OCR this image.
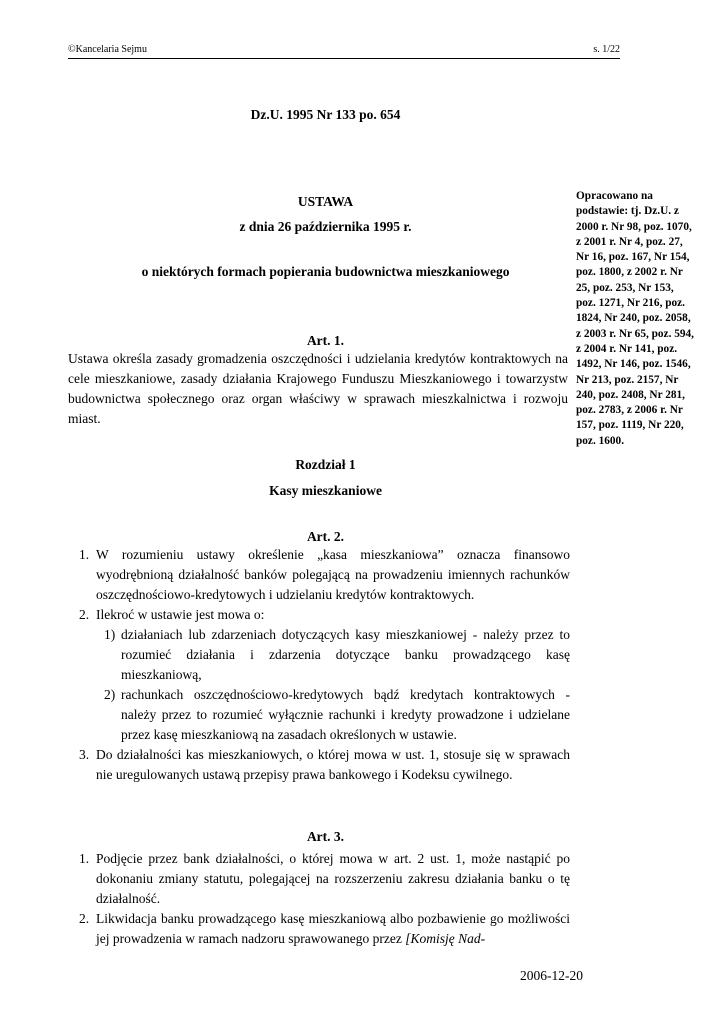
©Kancelaria Sejmu	s. 1/22
Dz.U. 1995 Nr 133 po. 654
USTAWA
z dnia 26 października 1995 r.
o niektórych formach popierania budownictwa mieszkaniowego
Opracowano na podstawie: tj. Dz.U. z 2000 r. Nr 98, poz. 1070, z 2001 r. Nr 4, poz. 27, Nr 16, poz. 167, Nr 154, poz. 1800, z 2002 r. Nr 25, poz. 253, Nr 153, poz. 1271, Nr 216, poz. 1824, Nr 240, poz. 2058, z 2003 r. Nr 65, poz. 594, z 2004 r. Nr 141, poz. 1492, Nr 146, poz. 1546, Nr 213, poz. 2157, Nr 240, poz. 2408, Nr 281, poz. 2783, z 2006 r. Nr 157, poz. 1119, Nr 220, poz. 1600.
Art. 1.
Ustawa określa zasady gromadzenia oszczędności i udzielania kredytów kontraktowych na cele mieszkaniowe, zasady działania Krajowego Funduszu Mieszkaniowego i towarzystw budownictwa społecznego oraz organ właściwy w sprawach mieszkalnictwa i rozwoju miast.
Rozdział 1
Kasy mieszkaniowe
Art. 2.
1. W rozumieniu ustawy określenie „kasa mieszkaniowa” oznacza finansowo wyodrębnioną działalność banków polegającą na prowadzeniu imiennych rachunków oszczędnościowo-kredytowych i udzielaniu kredytów kontraktowych.
2. Ilekroć w ustawie jest mowa o:
1) działaniach lub zdarzeniach dotyczących kasy mieszkaniowej - należy przez to rozumieć działania i zdarzenia dotyczące banku prowadzącego kasę mieszkaniową,
2) rachunkach oszczędnościowo-kredytowych bądź kredytach kontraktowych - należy przez to rozumieć wyłącznie rachunki i kredyty prowadzone i udzielane przez kasę mieszkaniową na zasadach określonych w ustawie.
3. Do działalności kas mieszkaniowych, o której mowa w ust. 1, stosuje się w sprawach nie uregulowanych ustawą przepisy prawa bankowego i Kodeksu cywilnego.
Art. 3.
1. Podjęcie przez bank działalności, o której mowa w art. 2 ust. 1, może nastąpić po dokonaniu zmiany statutu, polegającej na rozszerzeniu zakresu działania banku o tę działalność.
2. Likwidacja banku prowadzącego kasę mieszkaniową albo pozbawienie go możliwości jej prowadzenia w ramach nadzoru sprawowanego przez [Komisję Nad-
2006-12-20
